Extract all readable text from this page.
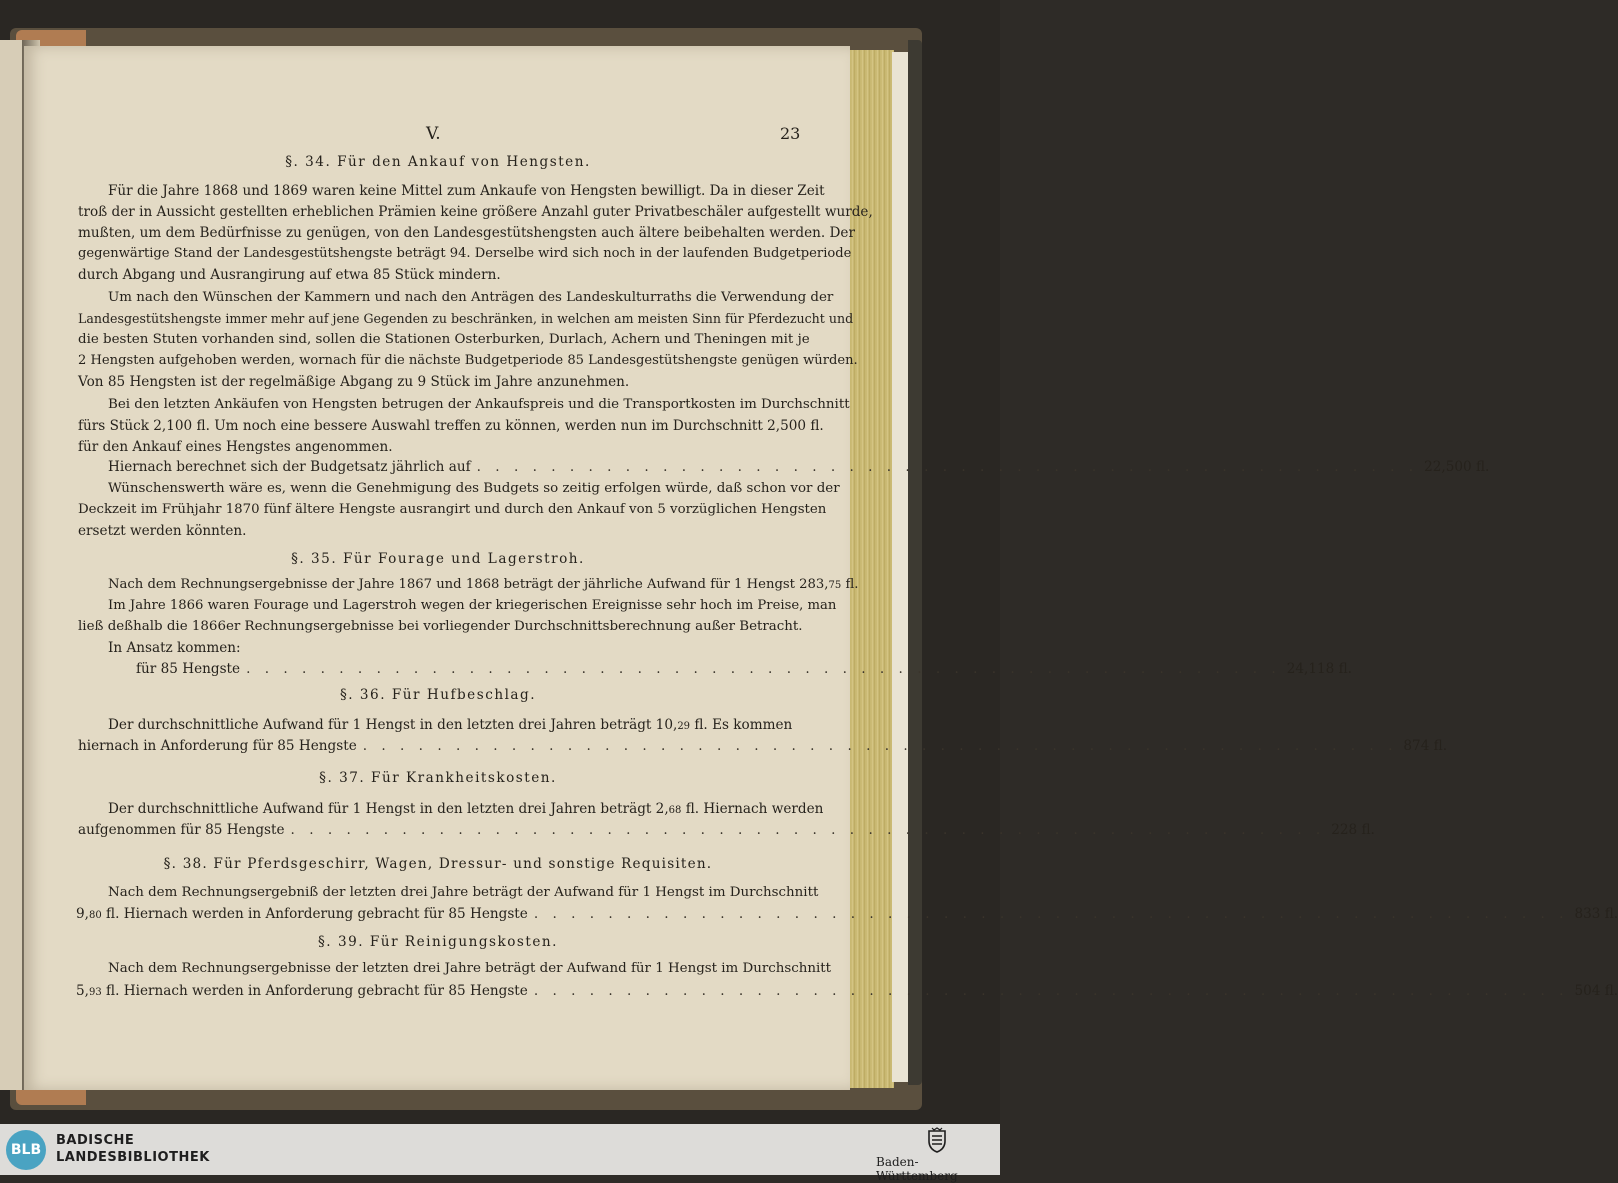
V.	23
§. 34. Für den Ankauf von Hengsten.
Für die Jahre 1868 und 1869 waren keine Mittel zum Ankaufe von Hengsten bewilligt. Da in dieser Zeit
troß der in Aussicht gestellten erheblichen Prämien keine größere Anzahl guter Privatbeschäler aufgestellt wurde,
mußten, um dem Bedürfnisse zu genügen, von den Landesgestütshengsten auch ältere beibehalten werden. Der
gegenwärtige Stand der Landesgestütshengste beträgt 94. Derselbe wird sich noch in der laufenden Budgetperiode
durch Abgang und Ausrangirung auf etwa 85 Stück mindern.
Um nach den Wünschen der Kammern und nach den Anträgen des Landeskulturraths die Verwendung der
Landesgestütshengste immer mehr auf jene Gegenden zu beschränken, in welchen am meisten Sinn für Pferdezucht und
die besten Stuten vorhanden sind, sollen die Stationen Osterburken, Durlach, Achern und Theningen mit je
2 Hengsten aufgehoben werden, wornach für die nächste Budgetperiode 85 Landesgestütshengste genügen würden.
Von 85 Hengsten ist der regelmäßige Abgang zu 9 Stück im Jahre anzunehmen.
Bei den letzten Ankäufen von Hengsten betrugen der Ankaufspreis und die Transportkosten im Durchschnitt
fürs Stück 2,100 fl. Um noch eine bessere Auswahl treffen zu können, werden nun im Durchschnitt 2,500 fl.
für den Ankauf eines Hengstes angenommen.
Hiernach berechnet sich der Budgetsatz jährlich auf . . . . . . . . . . . . . . . . . . . . . . . . . . . . . . . . . . . . . . . . . . . . . . . . . . . 22,500 fl.
Wünschenswerth wäre es, wenn die Genehmigung des Budgets so zeitig erfolgen würde, daß schon vor der
Deckzeit im Frühjahr 1870 fünf ältere Hengste ausrangirt und durch den Ankauf von 5 vorzüglichen Hengsten
ersetzt werden könnten.
§. 35. Für Fourage und Lagerstroh.
Nach dem Rechnungsergebnisse der Jahre 1867 und 1868 beträgt der jährliche Aufwand für 1 Hengst 283,75 fl.
Im Jahre 1866 waren Fourage und Lagerstroh wegen der kriegerischen Ereignisse sehr hoch im Preise, man
ließ deßhalb die 1866er Rechnungsergebnisse bei vorliegender Durchschnittsberechnung außer Betracht.
In Ansatz kommen:
für 85 Hengste . . . . . . . . . . . . . . . . . . . . . . . . . . . . . . . . . . . . . . . . . . . . . . . . . . . . . . . . 24,118 fl.
§. 36. Für Hufbeschlag.
Der durchschnittliche Aufwand für 1 Hengst in den letzten drei Jahren beträgt 10,29 fl. Es kommen
hiernach in Anforderung für 85 Hengste . . . . . . . . . . . . . . . . . . . . . . . . . . . . . . . . . . . . . . . . . . . . . . . . . . . . . . . . 874 fl.
§. 37. Für Krankheitskosten.
Der durchschnittliche Aufwand für 1 Hengst in den letzten drei Jahren beträgt 2,68 fl. Hiernach werden
aufgenommen für 85 Hengste . . . . . . . . . . . . . . . . . . . . . . . . . . . . . . . . . . . . . . . . . . . . . . . . . . . . . . . . 228 fl.
§. 38. Für Pferdsgeschirr, Wagen, Dressur- und sonstige Requisiten.
Nach dem Rechnungsergebniß der letzten drei Jahre beträgt der Aufwand für 1 Hengst im Durchschnitt
9,80 fl. Hiernach werden in Anforderung gebracht für 85 Hengste . . . . . . . . . . . . . . . . . . . . . . . . . . . . . . . . . . . . . . . . . . . . . . . . . . . . . . . . 833 fl.
§. 39. Für Reinigungskosten.
Nach dem Rechnungsergebnisse der letzten drei Jahre beträgt der Aufwand für 1 Hengst im Durchschnitt
5,93 fl. Hiernach werden in Anforderung gebracht für 85 Hengste . . . . . . . . . . . . . . . . . . . . . . . . . . . . . . . . . . . . . . . . . . . . . . . . . . . . . . . . 504 fl.
BLB
BADISCHE
LANDESBIBLIOTHEK	Baden-Württemberg
